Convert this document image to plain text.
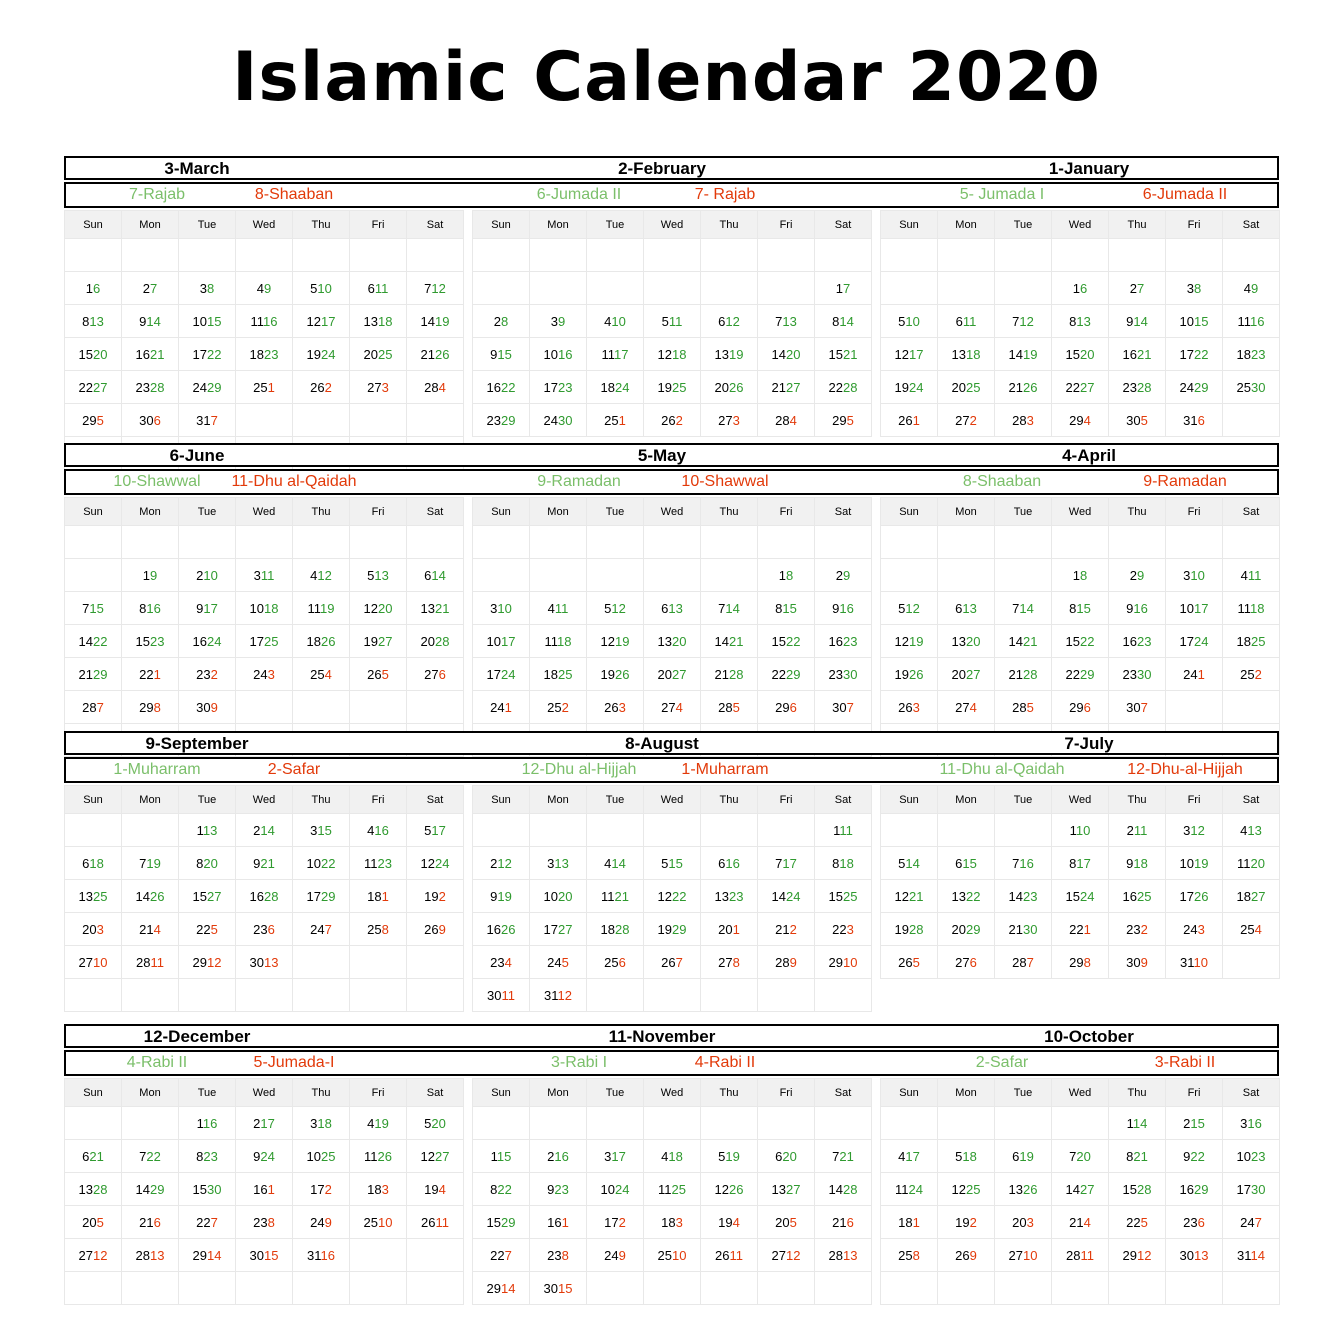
Islamic Calendar 2020
3-March	2-February	1-January
7-Rajab	8-Shaaban	6-Jumada II	7- Rajab	5- Jumada I	6-Jumada II
Sun	Mon	Tue	Wed	Thu	Fri	Sat

16	27	38	49	510	611	712
813	914	1015	1116	1217	1318	1419
1520	1621	1722	1823	1924	2025	2126
2227	2328	2429	251	262	273	284
295	306	317				

Sun	Mon	Tue	Wed	Thu	Fri	Sat

						17
28	39	410	511	612	713	814
915	1016	1117	1218	1319	1420	1521
1622	1723	1824	1925	2026	2127	2228
2329	2430	251	262	273	284	295
Sun	Mon	Tue	Wed	Thu	Fri	Sat

			16	27	38	49
510	611	712	813	914	1015	1116
1217	1318	1419	1520	1621	1722	1823
1924	2025	2126	2227	2328	2429	2530
261	272	283	294	305	316	
6-June	5-May	4-April
10-Shawwal 11-Dhu al-Qaidah	9-Ramadan	10-Shawwal	8-Shaaban	9-Ramadan
Sun	Mon	Tue	Wed	Thu	Fri	Sat

	19	210	311	412	513	614
715	816	917	1018	1119	1220	1321
1422	1523	1624	1725	1826	1927	2028
2129	221	232	243	254	265	276
287	298	309				

Sun	Mon	Tue	Wed	Thu	Fri	Sat

					18	29
310	411	512	613	714	815	916
1017	1118	1219	1320	1421	1522	1623
1724	1825	1926	2027	2128	2229	2330
241	252	263	274	285	296	307

Sun	Mon	Tue	Wed	Thu	Fri	Sat

			18	29	310	411
512	613	714	815	916	1017	1118
1219	1320	1421	1522	1623	1724	1825
1926	2027	2128	2229	2330	241	252
263	274	285	296	307		

9-September	8-August	7-July
1-Muharram	2-Safar	12-Dhu al-Hijjah	1-Muharram	11-Dhu al-Qaidah	12-Dhu-al-Hijjah
Sun	Mon	Tue	Wed	Thu	Fri	Sat
		113	214	315	416	517
618	719	820	921	1022	1123	1224
1325	1426	1527	1628	1729	181	192
203	214	225	236	247	258	269
2710	2811	2912	3013			

Sun	Mon	Tue	Wed	Thu	Fri	Sat
						111
212	313	414	515	616	717	818
919	1020	1121	1222	1323	1424	1525
1626	1727	1828	1929	201	212	223
234	245	256	267	278	289	2910
3011	3112					
Sun	Mon	Tue	Wed	Thu	Fri	Sat
			110	211	312	413
514	615	716	817	918	1019	1120
1221	1322	1423	1524	1625	1726	1827
1928	2029	2130	221	232	243	254
265	276	287	298	309	3110	
12-December	11-November	10-October
4-Rabi II	5-Jumada-I	3-Rabi I	4-Rabi II	2-Safar	3-Rabi II
Sun	Mon	Tue	Wed	Thu	Fri	Sat
		116	217	318	419	520
621	722	823	924	1025	1126	1227
1328	1429	1530	161	172	183	194
205	216	227	238	249	2510	2611
2712	2813	2914	3015	3116		

Sun	Mon	Tue	Wed	Thu	Fri	Sat

115	216	317	418	519	620	721
822	923	1024	1125	1226	1327	1428
1529	161	172	183	194	205	216
227	238	249	2510	2611	2712	2813
2914	3015					
Sun	Mon	Tue	Wed	Thu	Fri	Sat
				114	215	316
417	518	619	720	821	922	1023
1124	1225	1326	1427	1528	1629	1730
181	192	203	214	225	236	247
258	269	2710	2811	2912	3013	3114
